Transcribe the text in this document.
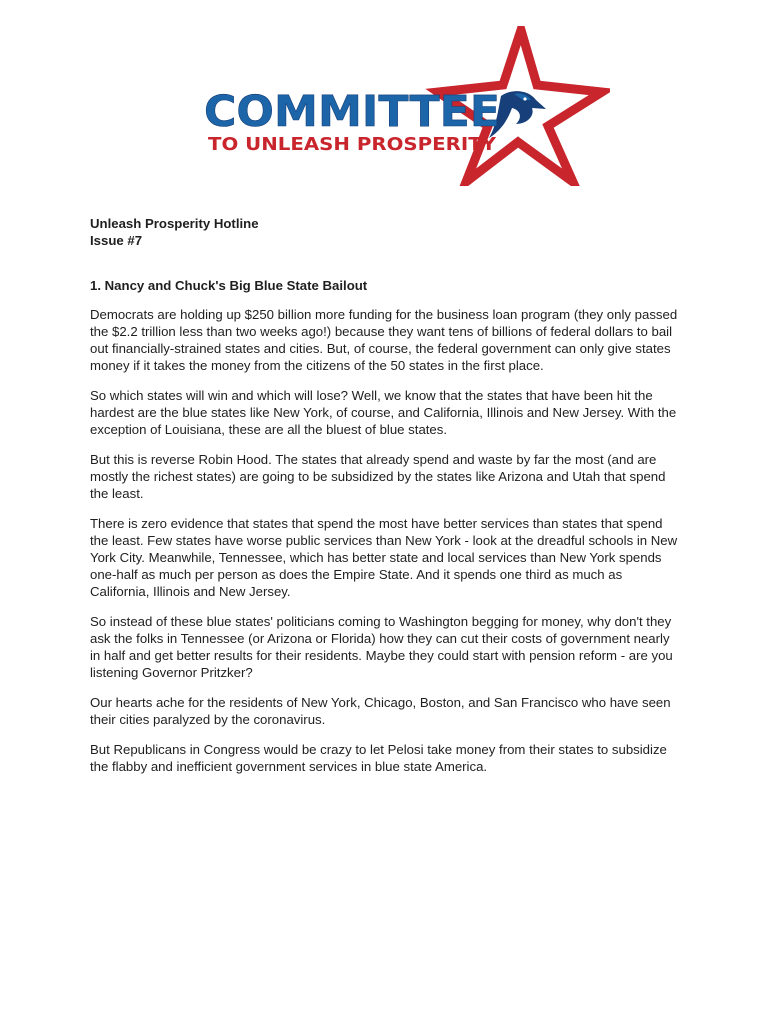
COMMITTEE
TO UNLEASH PROSPERITY

Unleash Prosperity Hotline

Issue #7

1. Nancy and Chuck's Big Blue State Bailout

Democrats are holding up $250 billion more funding for the business loan program (they only passed the $2.2 trillion less than two weeks ago!) because they want tens of billions of federal dollars to bail out financially-strained states and cities. But, of course, the federal government can only give states money if it takes the money from the citizens of the 50 states in the first place.

So which states will win and which will lose? Well, we know that the states that have been hit the hardest are the blue states like New York, of course, and California, Illinois and New Jersey. With the exception of Louisiana, these are all the bluest of blue states.

But this is reverse Robin Hood. The states that already spend and waste by far the most (and are mostly the richest states) are going to be subsidized by the states like Arizona and Utah that spend the least.

There is zero evidence that states that spend the most have better services than states that spend the least. Few states have worse public services than New York - look at the dreadful schools in New York City. Meanwhile, Tennessee, which has better state and local services than New York spends one-half as much per person as does the Empire State. And it spends one third as much as California, Illinois and New Jersey.

So instead of these blue states' politicians coming to Washington begging for money, why don't they ask the folks in Tennessee (or Arizona or Florida) how they can cut their costs of government nearly in half and get better results for their residents. Maybe they could start with pension reform - are you listening Governor Pritzker?

Our hearts ache for the residents of New York, Chicago, Boston, and San Francisco who have seen their cities paralyzed by the coronavirus.

But Republicans in Congress would be crazy to let Pelosi take money from their states to subsidize the flabby and inefficient government services in blue state America.
